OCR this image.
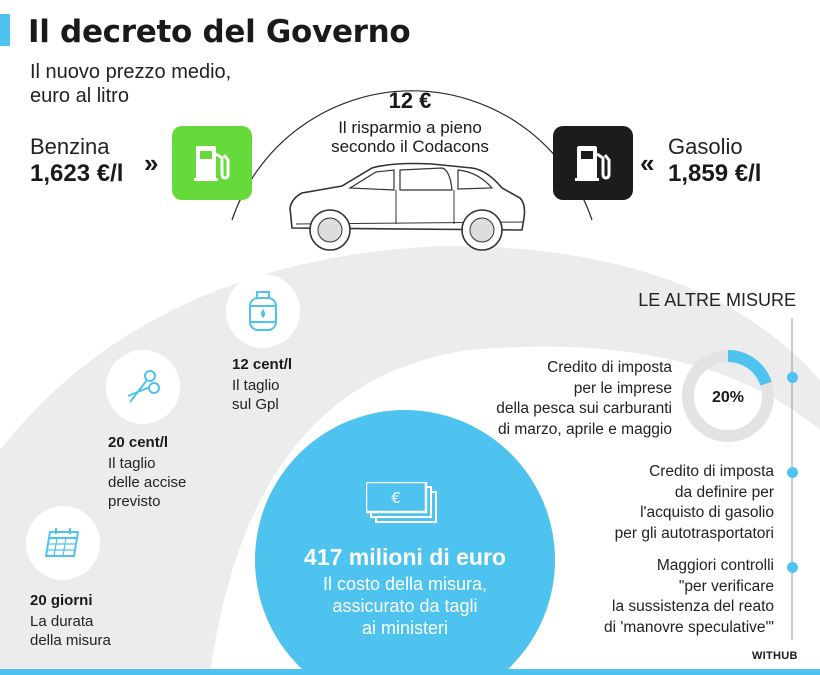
Il decreto del Governo
Il nuovo prezzo medio,
euro al litro
Benzina
1,623 €/l »	«
Gasolio
1,859 €/l
12 €
Il risparmio a pieno
secondo il Codacons
12 cent/l
Il taglio
sul Gpl
20 cent/l
Il taglio
delle accise
previsto
20 giorni
La durata
della misura
€
417 milioni di euro
Il costo della misura,
assicurato da tagli
ai ministeri
LE ALTRE MISURE
Credito di imposta
per le imprese
della pesca sui carburanti
di marzo, aprile e maggio
20%
Credito di imposta
da definire per
l'acquisto di gasolio
per gli autotrasportatori
Maggiori controlli
"per verificare
la sussistenza del reato
di 'manovre speculative'"
WITHUB
